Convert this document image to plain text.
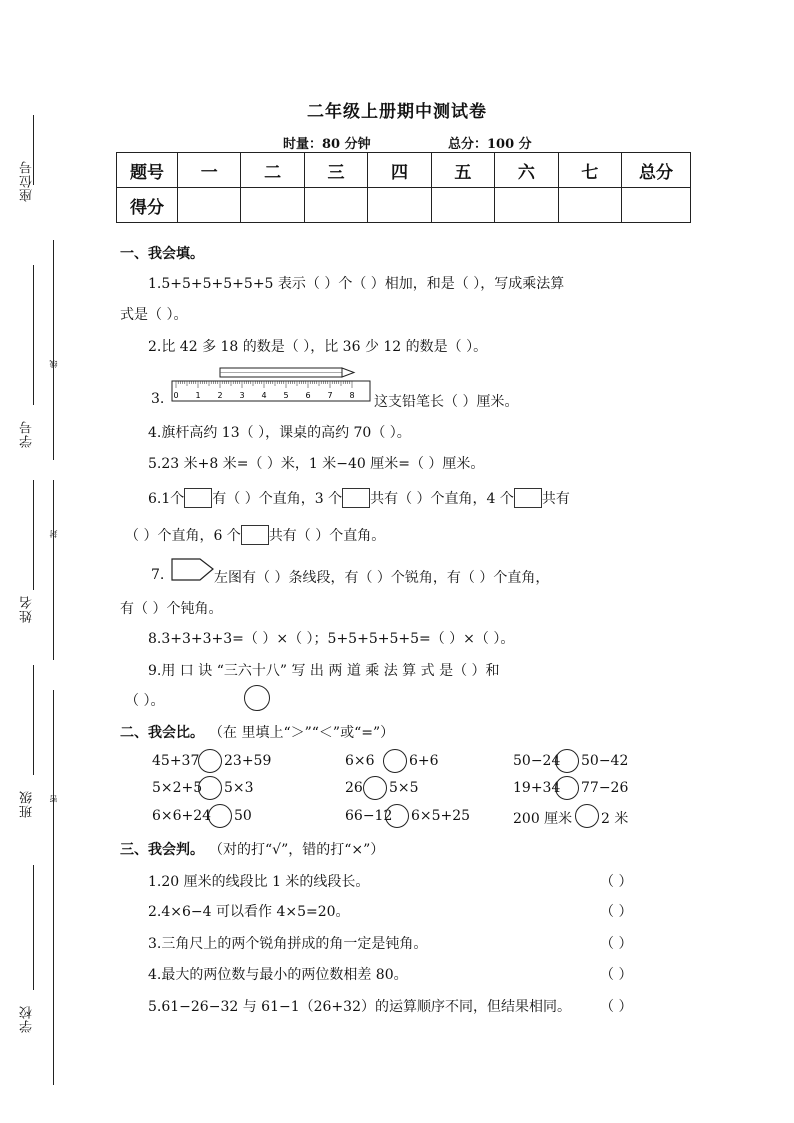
座位号
线
学号
封
姓名
班级 密
学校
二年级上册期中测试卷
时量：80 分钟	总分：100 分
题号	一	二	三	四	五	六	七	总分
得分								
一、我会填。
1.5+5+5+5+5+5 表示（ ）个（ ）相加，和是（ ），写成乘法算
式是（ ）。
2.比 42 多 18 的数是（ ），比 36 少 12 的数是（ ）。
3. 0 1 2 3 4 5 6 7 8 这支铅笔长（ ）厘米。
4.旗杆高约 13（ ），课桌的高约 70（ ）。
5.23 米+8 米=（ ）米，1 米−40 厘米=（ ）厘米。
6.1个 有（ ）个直角，3 个 共有（ ）个直角，4 个 共有
（ ）个直角，6 个 共有（ ）个直角。
7.	左图有（ ）条线段，有（ ）个锐角，有（ ）个直角，
有（ ）个钝角。
8.3+3+3+3=（ ）×（ ）；5+5+5+5+5=（ ）×（ ）。
9.用 口 诀 “三六十八” 写 出 两 道 乘 法 算 式 是（ ）和
（ ）。
二、我会比。 （在 里填上“＞”“＜”或“=”）
45+37 23+59	6×6 6+6	50−24 50−42
5×2+5 5×3	26 5×5	19+34 77−26
6×6+24 50	66−12 6×5+25	200 厘米 2 米
三、我会判。 （对的打“√”，错的打“×”）
1.20 厘米的线段比 1 米的线段长。	（ ）
2.4×6−4 可以看作 4×5=20。	（ ）
3.三角尺上的两个锐角拼成的角一定是钝角。	（ ）
4.最大的两位数与最小的两位数相差 80。	（ ）
5.61−26−32 与 61−1（26+32）的运算顺序不同，但结果相同。 （ ）
